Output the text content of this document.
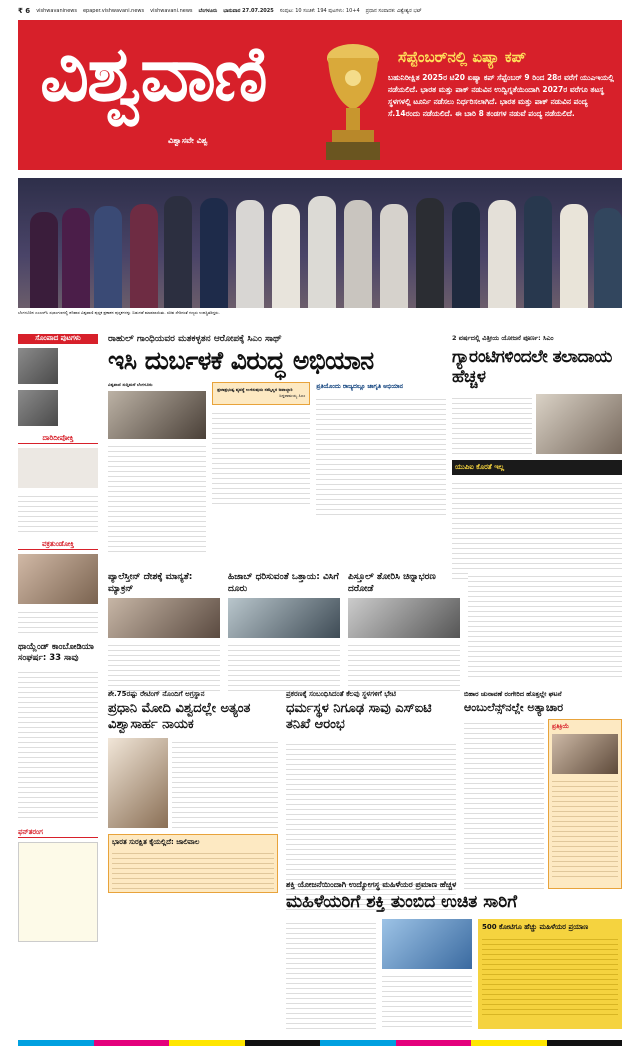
₹ 6 vishwavaninews epaper.vishwavani.news vishwavani.news ಬೆಂಗಳೂರು ಭಾನುವಾರ 27.07.2025 ಸಂಪುಟ: 10 ಸಂಚಿಕೆ: 194 ಪುಟಗಳು: 10+4 ಪ್ರಧಾನ ಸಂಪಾದಕ: ವಿಶ್ವೇಶ್ವರ ಭಟ್
ವಿಶ್ವವಾಣಿ
ವಿಶ್ವಾಸವೇ ವಿಶ್ವ
ಸೆಪ್ಟೆಂಬರ್‌ನಲ್ಲಿ ಏಷ್ಯಾ ಕಪ್
ಬಹುನಿರೀಕ್ಷಿತ 2025ರ ಟಿ20 ಏಷ್ಯಾ ಕಪ್ ಸೆಪ್ಟೆಂಬರ್ 9 ರಿಂದ 28ರ ವರೆಗೆ ಯುಎಇಯಲ್ಲಿ ನಡೆಯಲಿದೆ. ಭಾರತ ಮತ್ತು ಪಾಕ್ ನಡುವಿನ ಉದ್ವಿಗ್ನತೆಯಿಂದಾಗಿ 2027ರ ವರೆಗೂ ತಟಸ್ಥ ಸ್ಥಳಗಳಲ್ಲಿ ಟೂರ್ನಿ ನಡೆಸಲು ನಿರ್ಧರಿಸಲಾಗಿದೆ. ಭಾರತ ಮತ್ತು ಪಾಕ್ ನಡುವಿನ ಪಂದ್ಯ ಸೆ.14ರಂದು ನಡೆಯಲಿದೆ. ಈ ಬಾರಿ 8 ತಂಡಗಳ ನಡುವೆ ಪಂದ್ಯ ನಡೆಯಲಿದೆ.
ಬೆಂಗಳೂರಿನ ಎಂಎಲ್‌ಸಿ ಸಭಾಂಗಣದಲ್ಲಿ ಶನಿವಾರ ವಿಶ್ವವಾಣಿ ಪುಸ್ತಕ ಪ್ರಕಾಶನ ಪುಸ್ತಕಗಳನ್ನು ಬಿಡುಗಡೆ ಮಾಡಲಾಯಿತು. ಸಚಿವ ಸೇರಿದಂತೆ ಗಣ್ಯರು ಉಪಸ್ಥಿತರಿದ್ದರು.
ಸೊಂಪಾದ ಪುಟಗಳು
ದಾರಿದೀಪೋಕ್ತಿ
ವಕ್ರತುಂಡೋಕ್ತಿ
ಥಾಯ್ಲೆಂಡ್ ಕಾಂಬೋಡಿಯಾ ಸಂಘರ್ಷ: 33 ಸಾವು
ಫನ್‌ತರಂಗ
ರಾಹುಲ್ ಗಾಂಧಿಯವರ ಮತಕಳ್ಳತನ ಆರೋಪಕ್ಕೆ ಸಿಎಂ ಸಾಥ್
ಇಸಿ ದುರ್ಬಳಕೆ ವಿರುದ್ಧ ಅಭಿಯಾನ
ವಿಶ್ವವಾಣಿ ಸುದ್ದಿಮನೆ ಬೆಂಗಳೂರು
ಪ್ರಜಾಪ್ರಭುತ್ವ ವ್ಯವಸ್ಥೆ ಉಳಿಸುವುದು ನಮ್ಮೆಲ್ಲರ ಜವಾಬ್ದಾರಿ
ಸಿದ್ದರಾಮಯ್ಯ ಸಿಎಂ
ಪ್ರತಿಯೊಂದು ರಾಜ್ಯದಲ್ಲೂ ಜಾಗೃತಿ ಅಭಿಯಾನ
2 ವರ್ಷದಲ್ಲಿ ವಿತ್ತೀಯ ಯೋಜನೆ ಪೂರ್ಣ: ಸಿಎಂ
ಗ್ಯಾರಂಟಿಗಳಿಂದಲೇ ತಲಾದಾಯ ಹೆಚ್ಚಳ
ಯುಪಿಐ ಕೊರತೆ ಇಲ್ಲ
ಪ್ಯಾಲೆಸ್ತೀನ್ ದೇಶಕ್ಕೆ ಮಾನ್ಯತೆ: ಮ್ಯಾಕ್ರನ್
ಹಿಜಾಬ್ ಧರಿಸುವಂತೆ ಒತ್ತಾಯ: ವಿಸಿಗೆ ದೂರು
ಪಿಸ್ತೂಲ್ ತೋರಿಸಿ ಚಿನ್ನಾಭರಣ ದರೋಡೆ
ಶೇ.75ರಷ್ಟು ರೇಟಿಂಗ್ ನೊಂದಿಗೆ ಅಗ್ರಸ್ಥಾನ
ಪ್ರಧಾನಿ ಮೋದಿ ವಿಶ್ವದಲ್ಲೇ ಅತ್ಯಂತ ವಿಶ್ವಾಸಾರ್ಹ ನಾಯಕ
ಭಾರತ ಸುರಕ್ಷಿತ ಕೈಯಲ್ಲಿದೆ: ಜಾಲಿವಾಲ
ಪ್ರಕರಣಕ್ಕೆ ಸಂಬಂಧಿಸಿದಂತೆ ಕೆಲವು ಸ್ಥಳಗಳಿಗೆ ಭೇಟಿ
ಧರ್ಮಸ್ಥಳ ನಿಗೂಢ ಸಾವು ಎಸ್‌ಐಟಿ ತನಿಖೆ ಆರಂಭ
ಬಿಹಾರ ಚುನಾವಣೆ ರಂಗೇರಿದ ಹೊತ್ತಲ್ಲೇ ಘಟನೆ
ಆಂಬುಲೆನ್ಸ್‌ನಲ್ಲೇ ಅತ್ಯಾಚಾರ
ಪ್ರತಿಕ್ರಿಯೆ
ಶಕ್ತಿ ಯೋಜನೆಯಿಂದಾಗಿ ಉದ್ಯೋಗಸ್ಥ ಮಹಿಳೆಯರ ಪ್ರಮಾಣ ಹೆಚ್ಚಳ
ಮಹಿಳೆಯರಿಗೆ ಶಕ್ತಿ ತುಂಬಿದ ಉಚಿತ ಸಾರಿಗೆ
500 ಕೋಟಿಗೂ ಹೆಚ್ಚು ಮಹಿಳೆಯರ ಪ್ರಯಾಣ
